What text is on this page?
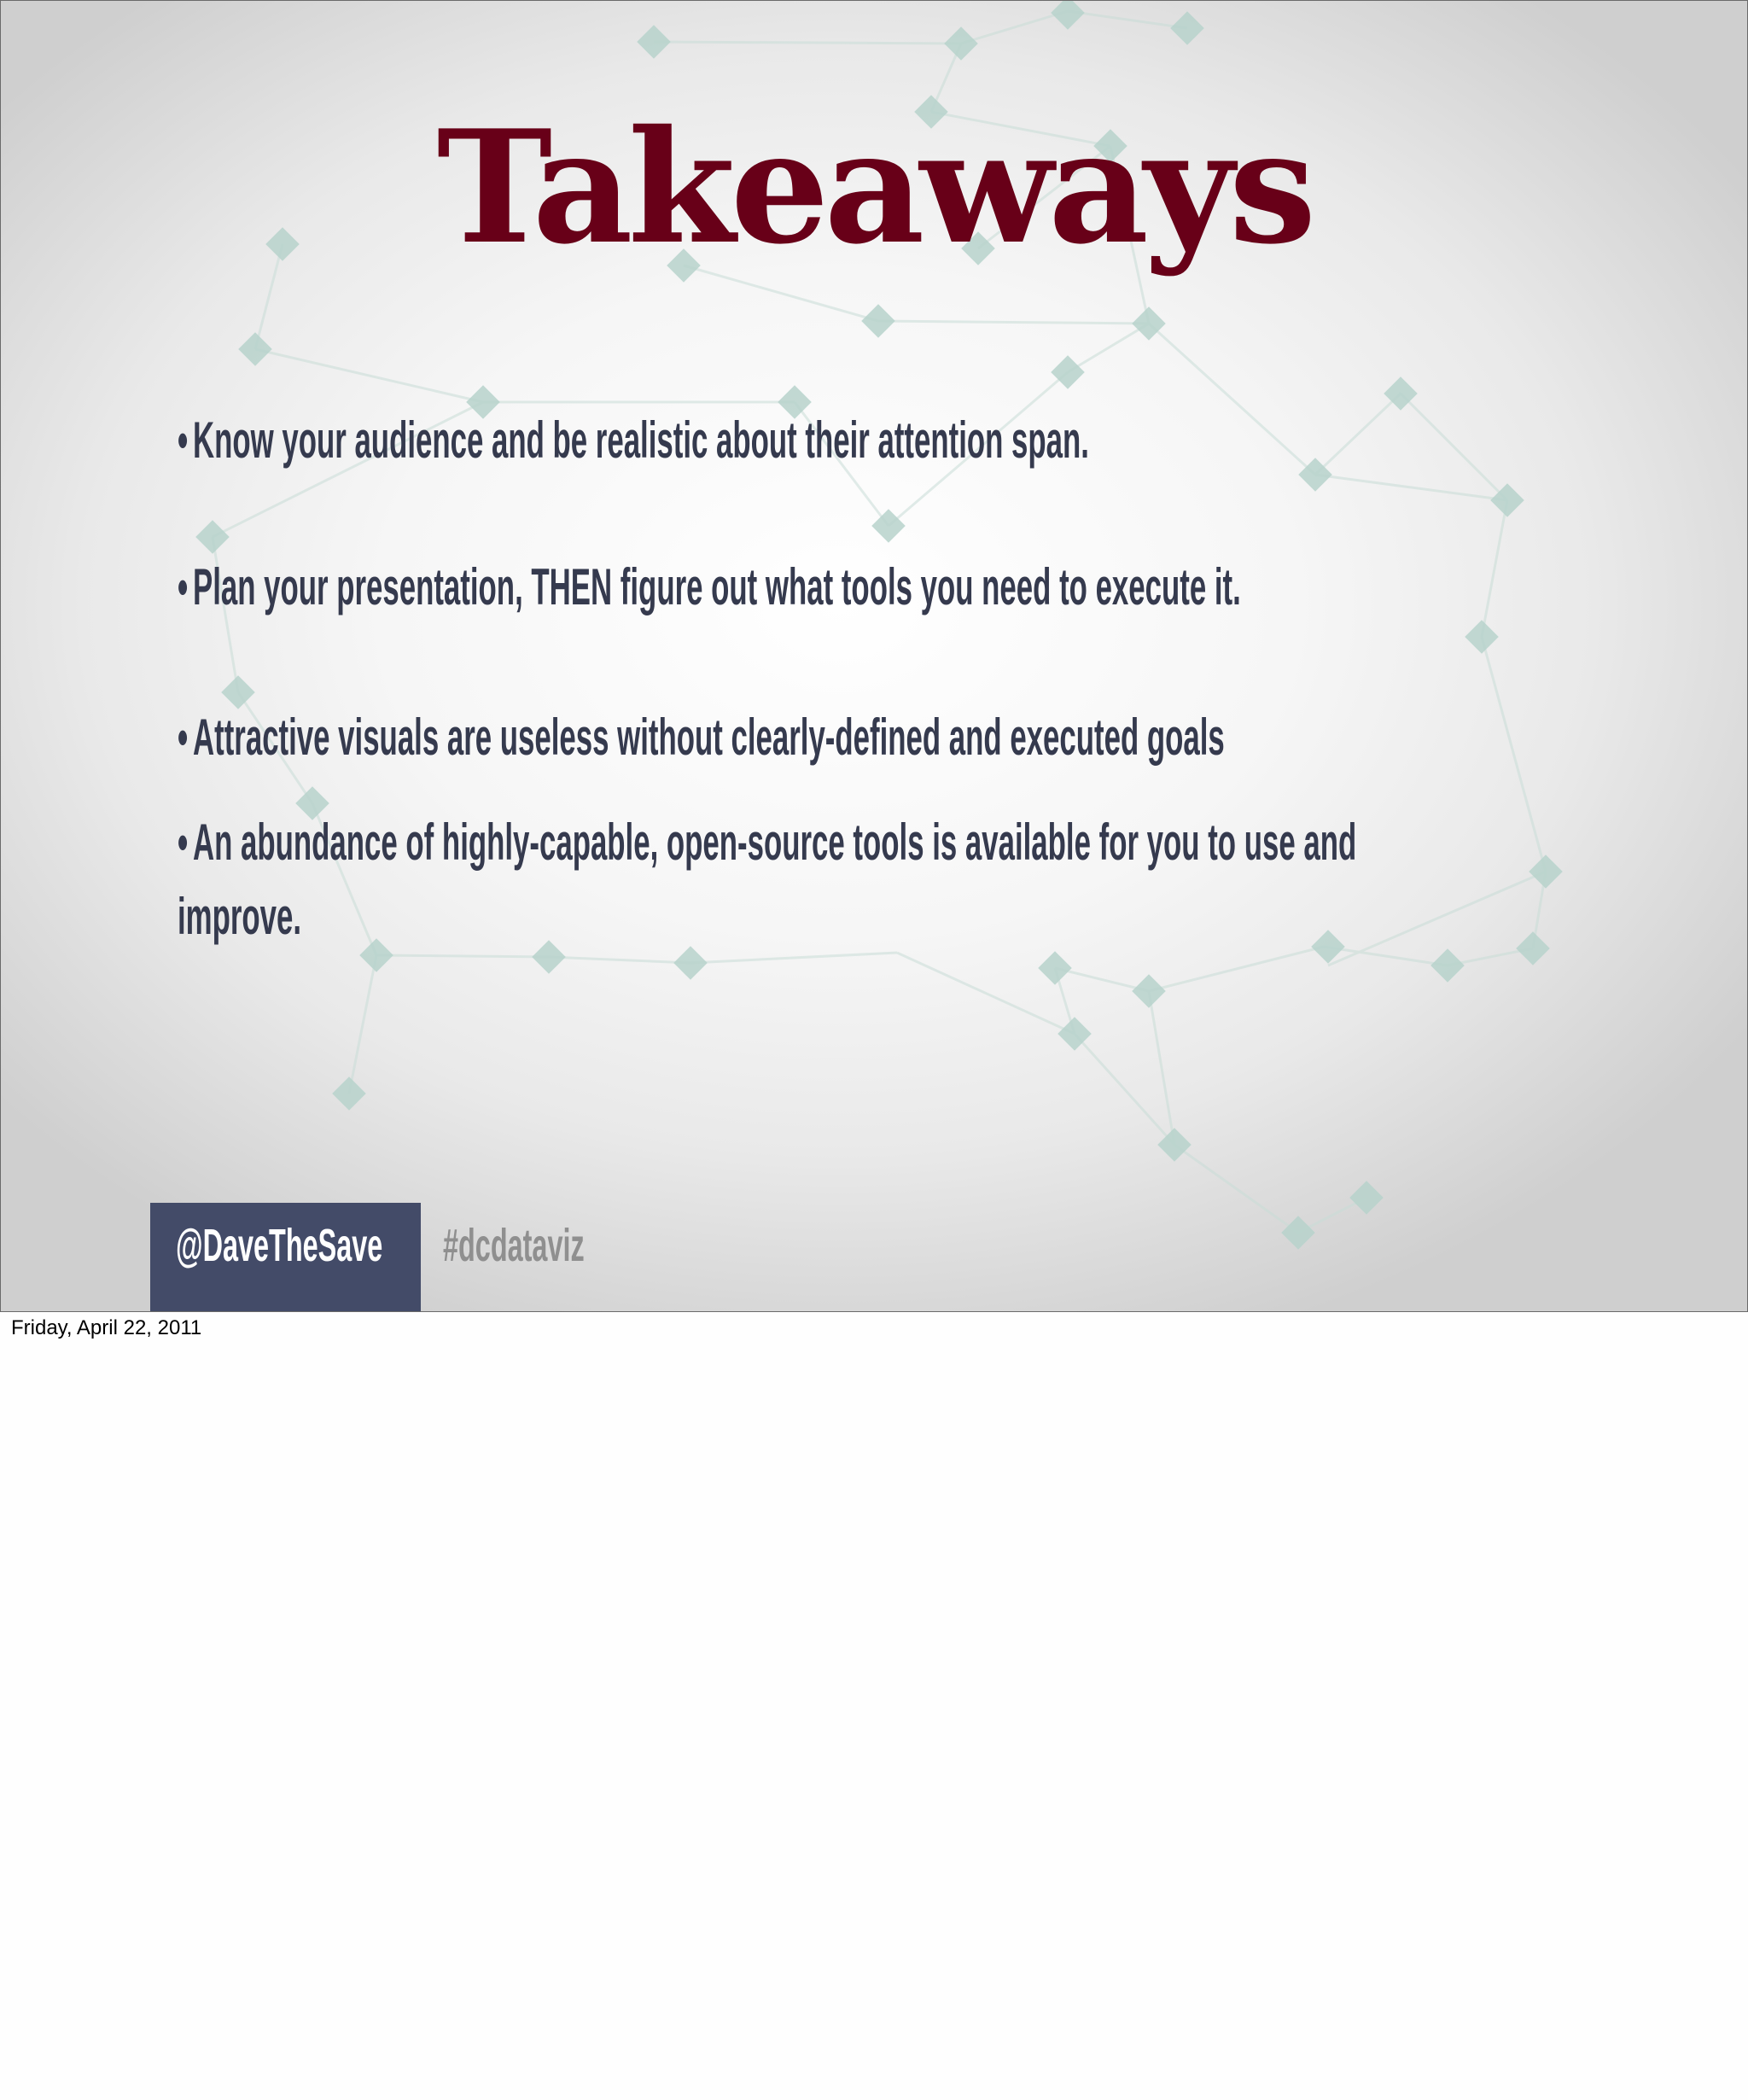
Takeaways
•Know your audience and be realistic about their attention span.
•Plan your presentation, THEN figure out what tools you need to execute it.
•Attractive visuals are useless without clearly-defined and executed goals
•An abundance of highly-capable, open-source tools is available for you to use and
improve.
@DaveTheSave #dcdataviz
Friday, April 22, 2011
